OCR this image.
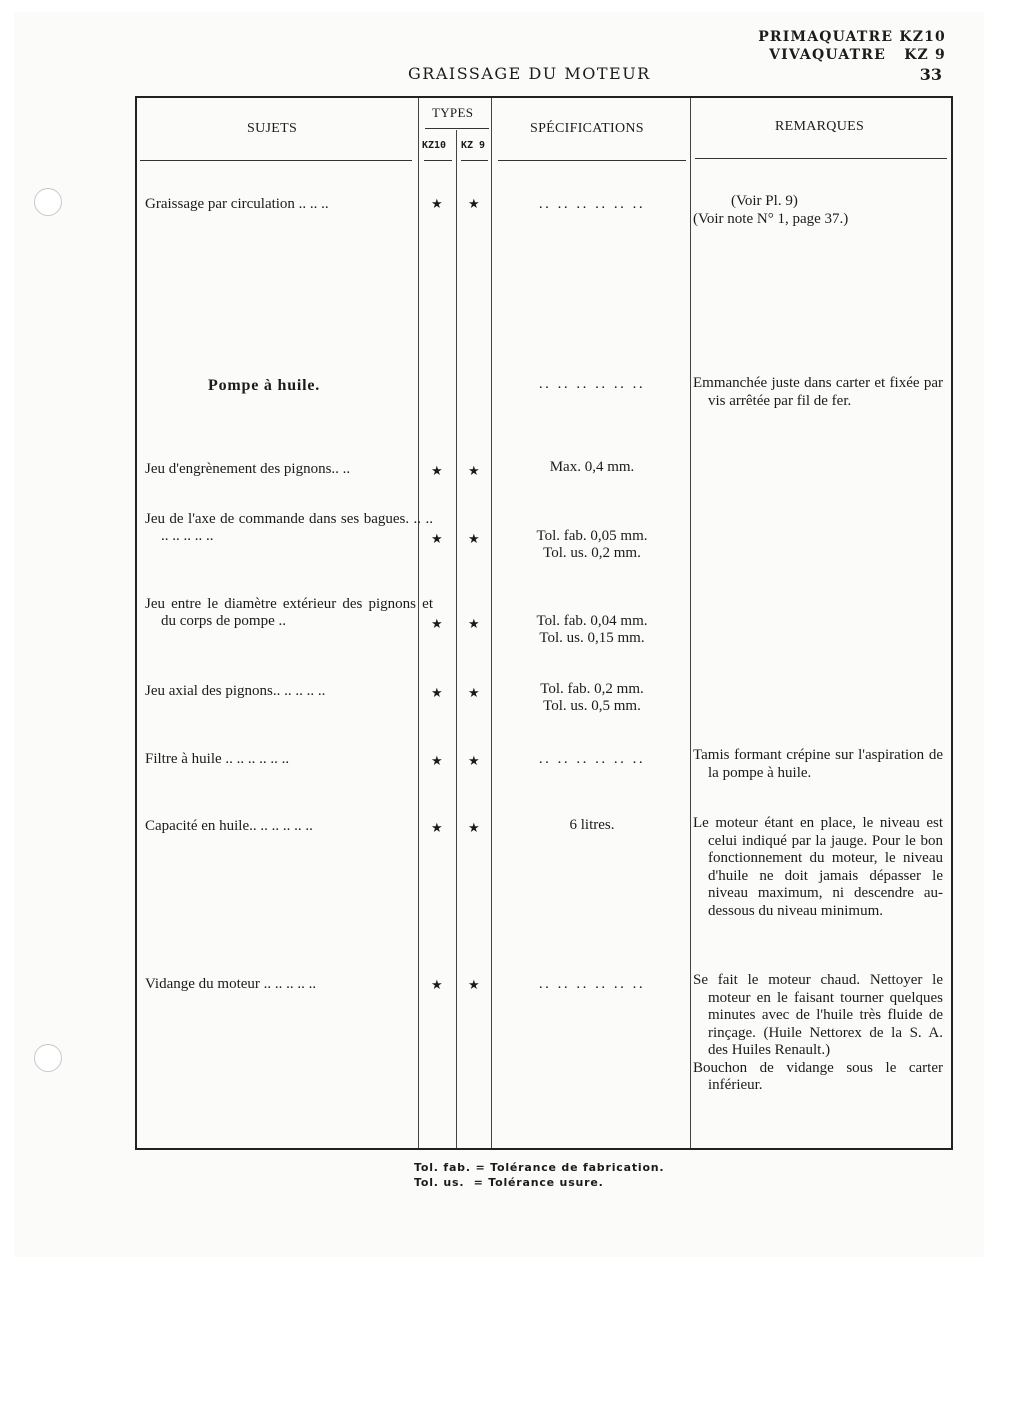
PRIMAQUATRE KZ10
VIVAQUATRE   KZ 9
GRAISSAGE DU MOTEUR	33
SUJETS
TYPES
KZ10 KZ 9
SPÉCIFICATIONS	REMARQUES
Graissage par circulation .. .. ..	★ ★	.. .. .. .. .. ..	(Voir Pl. 9)
(Voir note N° 1, page 37.)
Pompe à huile.	.. .. .. .. .. ..	Emmanchée juste dans carter et fixée par vis arrêtée par fil de fer.
Jeu d'engrènement des pignons.. ..	★ ★	Max. 0,4 mm.
Jeu de l'axe de commande dans ses bagues. .. .. .. .. .. .. ..	★ ★	Tol. fab. 0,05 mm.
Tol. us. 0,2 mm.
Jeu entre le diamètre extérieur des pignons et du corps de pompe ..	★ ★	Tol. fab. 0,04 mm.
Tol. us. 0,15 mm.
Jeu axial des pignons.. .. .. .. ..	★ ★	Tol. fab. 0,2 mm.
Tol. us. 0,5 mm.
Filtre à huile .. .. .. .. .. ..	★ ★	.. .. .. .. .. ..	Tamis formant crépine sur l'aspiration de la pompe à huile.
Capacité en huile.. .. .. .. .. ..	★ ★	6 litres.	Le moteur étant en place, le niveau est celui indiqué par la jauge. Pour le bon fonctionnement du moteur, le niveau d'huile ne doit jamais dépasser le niveau maximum, ni descendre au-dessous du niveau minimum.
Vidange du moteur .. .. .. .. ..	★ ★	.. .. .. .. .. ..	Se fait le moteur chaud. Nettoyer le moteur en le faisant tourner quelques minutes avec de l'huile très fluide de rinçage. (Huile Nettorex de la S. A. des Huiles Renault.)
Bouchon de vidange sous le carter inférieur.
Tol. fab. = Tolérance de fabrication.
Tol. us.  = Tolérance usure.
